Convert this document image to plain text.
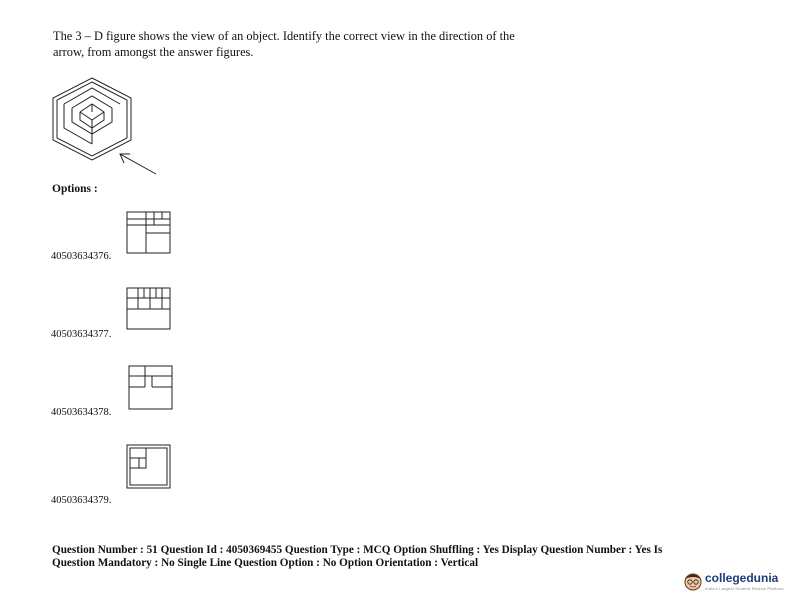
The 3 – D figure shows the view of an object. Identify the correct view in the direction of the
arrow, from amongst the answer figures.
Options :
40503634376.
40503634377.
40503634378.
40503634379.
Question Number : 51 Question Id : 4050369455 Question Type : MCQ Option Shuffling : Yes Display Question Number : Yes Is
Question Mandatory : No Single Line Question Option : No Option Orientation : Vertical
collegedunia
India's Largest Student Review Platform
